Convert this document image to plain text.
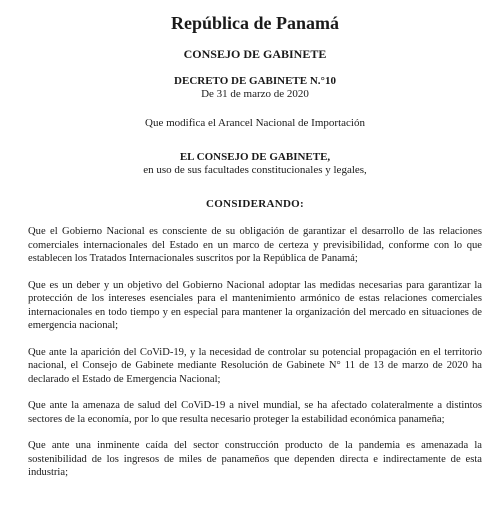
República de Panamá

CONSEJO DE GABINETE

DECRETO DE GABINETE N.°10

De 31 de marzo de 2020

Que modifica el Arancel Nacional de Importación

EL CONSEJO DE GABINETE,

en uso de sus facultades constitucionales y legales,

CONSIDERANDO:

Que el Gobierno Nacional es consciente de su obligación de garantizar el desarrollo de las relaciones comerciales internacionales del Estado en un marco de certeza y previsibilidad, conforme con lo que establecen los Tratados Internacionales suscritos por la República de Panamá;

Que es un deber y un objetivo del Gobierno Nacional adoptar las medidas necesarias para garantizar la protección de los intereses esenciales para el mantenimiento armónico de estas relaciones comerciales internacionales en todo tiempo y en especial para mantener la organización del mercado en situaciones de emergencia nacional;

Que ante la aparición del CoViD-19, y la necesidad de controlar su potencial propagación en el territorio nacional, el Consejo de Gabinete mediante Resolución de Gabinete N° 11 de 13 de marzo de 2020 ha declarado el Estado de Emergencia Nacional;

Que ante la amenaza de salud del CoViD-19 a nivel mundial, se ha afectado colateralmente a distintos sectores de la economía, por lo que resulta necesario proteger la estabilidad económica panameña;

Que ante una inminente caída del sector construcción producto de la pandemia es amenazada la sostenibilidad de los ingresos de miles de panameños que dependen directa e indirectamente de esta industria;
